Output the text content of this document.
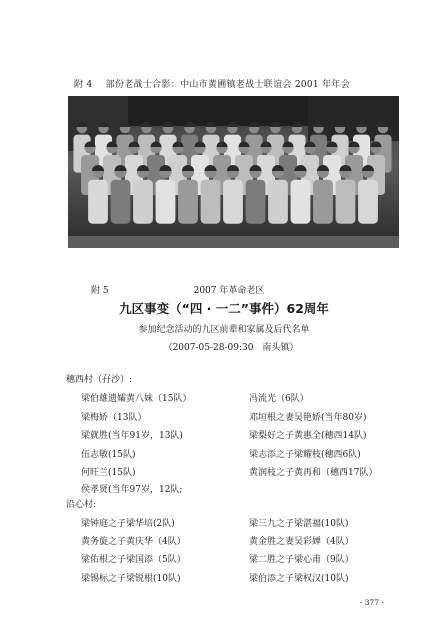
附 4 部份老战士合影：中山市黄圃镇老战士联谊会 2001 年年会
附 5	2007 年革命老区
九区事变（“四 · 一二”事件）62周年
参加纪念活动的九区前辈和家属及后代名单
（2007-05-28-09:30　南头镇）
穗西村（孖沙）:
梁伯雄遗孀黄八妹（15队）
梁梅娇（13队）
梁就胜(当年91岁，13队)
伍志敏(15队)
何旺兰(15队)
侯孝贤(当年97岁，12队;
冯流光（6队）
邓垣根之妻吴艳娇(当年80岁)
梁梨好之子黄惠全(穗西14队)
梁志添之子梁耀枝(穗西6队)
黄润枝之子黄再和（穗西17队）
沿心村:
梁钟庭之子梁华培(2队)
黄务旋之子黄庆华（4队）
梁佑根之子梁国添（5队）
梁锡标之子梁锐根(10队)
梁三九之子梁湛福(10队)
黄金胜之妻吴彩婵（4队）
梁二胜之子梁心甫（9队）
梁伯添之子梁权汉(10队)
- 377 -
